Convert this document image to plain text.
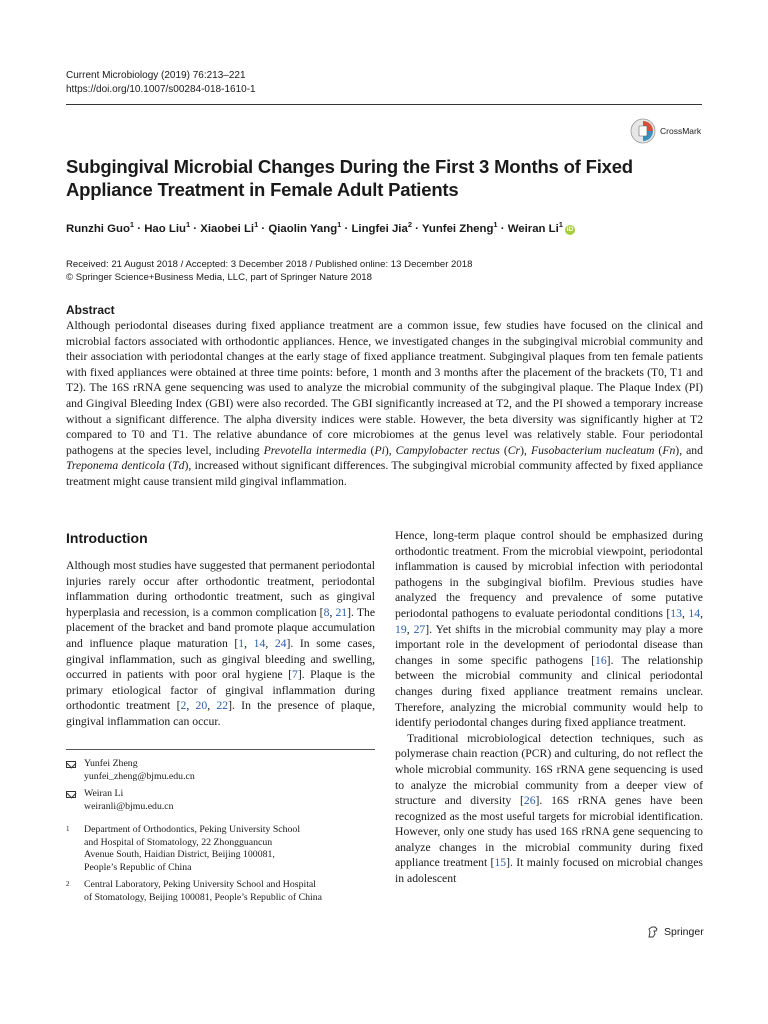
Current Microbiology (2019) 76:213–221
https://doi.org/10.1007/s00284-018-1610-1
CrossMark
Subgingival Microbial Changes During the First 3 Months of Fixed
Appliance Treatment in Female Adult Patients
Runzhi Guo$^1$ · Hao Liu$^1$ · Xiaobei $Li^1$ · Qiaolin Yang$^1$ · Lingfei Jia$^2$ · Yunfei Zheng$^1$ · Weiran Li$^1$iD
Received: 21 August 2018 / Accepted: 3 December 2018 / Published online: 13 December 2018
© Springer Science+Business Media, LLC, part of Springer Nature 2018
Abstract
Although periodontal diseases during fixed appliance treatment are a common issue, few studies have focused on the clinical and microbial factors associated with orthodontic appliances. Hence, we investigated changes in the subgingival microbial community and their association with periodontal changes at the early stage of fixed appliance treatment. Subgingival plaques from ten female patients with fixed appliances were obtained at three time points: before, 1 month and 3 months after the placement of the brackets (T0, T1 and T2). The 16S rRNA gene sequencing was used to analyze the microbial community of the subgingival plaque. The Plaque Index (PI) and Gingival Bleeding Index (GBI) were also recorded. The GBI significantly increased at T2, and the PI showed a temporary increase without a significant difference. The alpha diversity indices were stable. However, the beta diversity was significantly higher at T2 compared to T0 and T1. The relative abundance of core microbiomes at the genus level was relatively stable. Four periodontal pathogens at the species level, including Prevotella intermedia (Pi), Campylobacter rectus (Cr), Fusobacterium nucleatum (Fn), and Treponema denticola (Td), increased without significant differences. The subgingival microbial community affected by fixed appliance treatment might cause transient mild gingival inflammation.
Introduction

Although most studies have suggested that permanent periodontal injuries rarely occur after orthodontic treatment, periodontal inflammation during orthodontic treatment, such as gingival hyperplasia and recession, is a common complication [8, 21]. The placement of the bracket and band promote plaque accumulation and influence plaque maturation [1, 14, 24]. In some cases, gingival inflammation, such as gingival bleeding and swelling, occurred in patients with poor oral hygiene [7]. Plaque is the primary etiological factor of gingival inflammation during orthodontic treatment [2, 20, 22]. In the presence of plaque, gingival inflammation can occur.

Hence, long-term plaque control should be emphasized during orthodontic treatment. From the microbial viewpoint, periodontal inflammation is caused by microbial infection with periodontal pathogens in the subgingival biofilm. Previous studies have analyzed the frequency and prevalence of some putative periodontal pathogens to evaluate periodontal conditions [13, 14, 19, 27]. Yet shifts in the microbial community may play a more important role in the development of periodontal disease than changes in some specific pathogens [16]. The relationship between the microbial community and clinical periodontal changes during fixed appliance treatment remains unclear. Therefore, analyzing the microbial community would help to identify periodontal changes during fixed appliance treatment.

Traditional microbiological detection techniques, such as polymerase chain reaction (PCR) and culturing, do not reflect the whole microbial community. 16S rRNA gene sequencing is used to analyze the microbial community from a deeper view of structure and diversity [26]. 16S rRNA genes have been recognized as the most useful targets for microbial identification. However, only one study has used 16S rRNA gene sequencing to analyze changes in the microbial community during fixed appliance treatment [15]. It mainly focused on microbial changes in adolescent

Yunfei Zheng
yunfei_zheng@bjmu.edu.cn
Weiran Li
weiranli@bjmu.edu.cn
1	Department of Orthodontics, Peking University School
and Hospital of Stomatology, 22 Zhongguancun
Avenue South, Haidian District, Beijing 100081,
People’s Republic of China
2	Central Laboratory, Peking University School and Hospital
of Stomatology, Beijing 100081, People’s Republic of China
Springer
